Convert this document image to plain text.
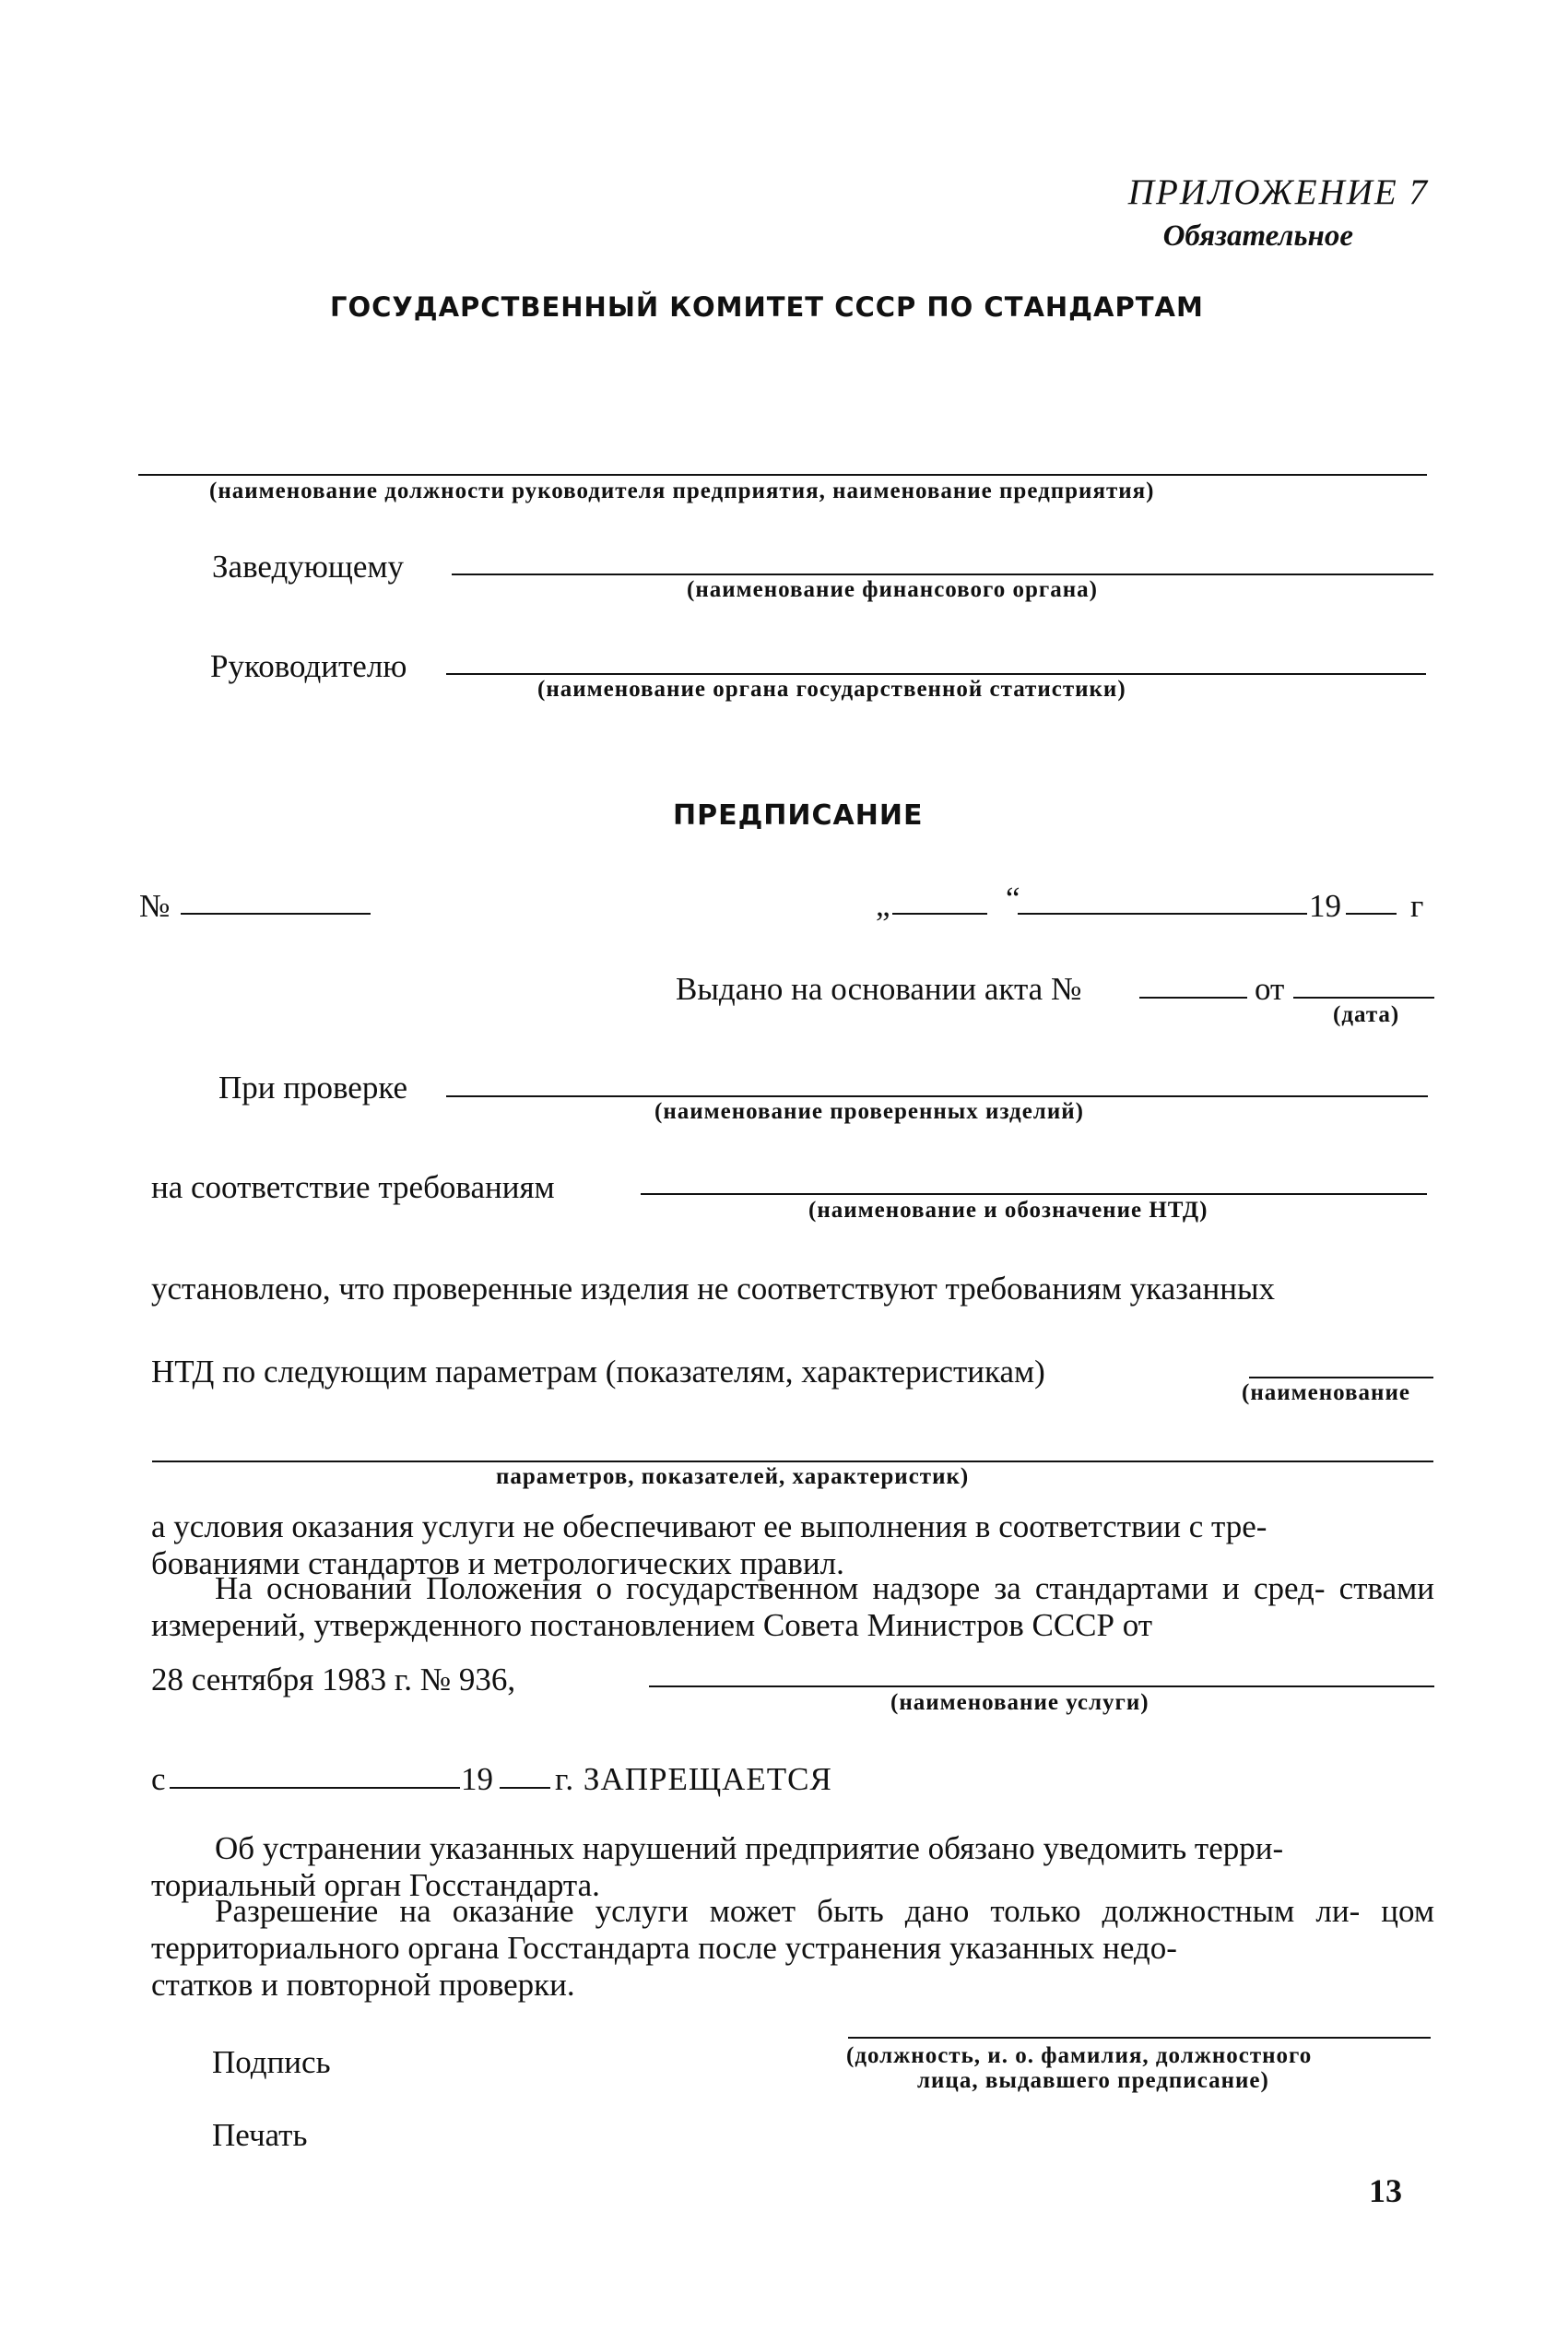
ПРИЛОЖЕНИЕ 7
Обязательное
ГОСУДАРСТВЕННЫЙ КОМИТЕТ СССР ПО СТАНДАРТАМ
(наименование должности руководителя предприятия, наименование предприятия)
Заведующему
(наименование финансового органа)
Руководителю
(наименование органа государственной статистики)
ПРЕДПИСАНИЕ
№	„	“	19 г
Выдано на основании акта №	от
(дата)
При проверке
(наименование проверенных изделий)
на соответствие требованиям
(наименование и обозначение НТД)
установлено, что проверенные изделия не соответствуют требованиям указанных
НТД по следующим параметрам (показателям, характеристикам)
(наименование
параметров, показателей, характеристик)
а условия оказания услуги не обеспечивают ее выполнения в соответствии с тре-
бованиями стандартов и метрологических правил.
На основании Положения о государственном надзоре за стандартами и сред- ствами измерений, утвержденного постановлением Совета Министров СССР от
28 сентября 1983 г. № 936,
(наименование услуги)
с	19 г. ЗАПРЕЩАЕТСЯ
Об устранении указанных нарушений предприятие обязано уведомить терри-
ториальный орган Госстандарта.
Разрешение на оказание услуги может быть дано только должностным ли- цом территориального органа Госстандарта после устранения указанных недо-
статков и повторной проверки.
Подпись	(должность, и. о. фамилия, должностного
лица, выдавшего предписание)
Печать
13
